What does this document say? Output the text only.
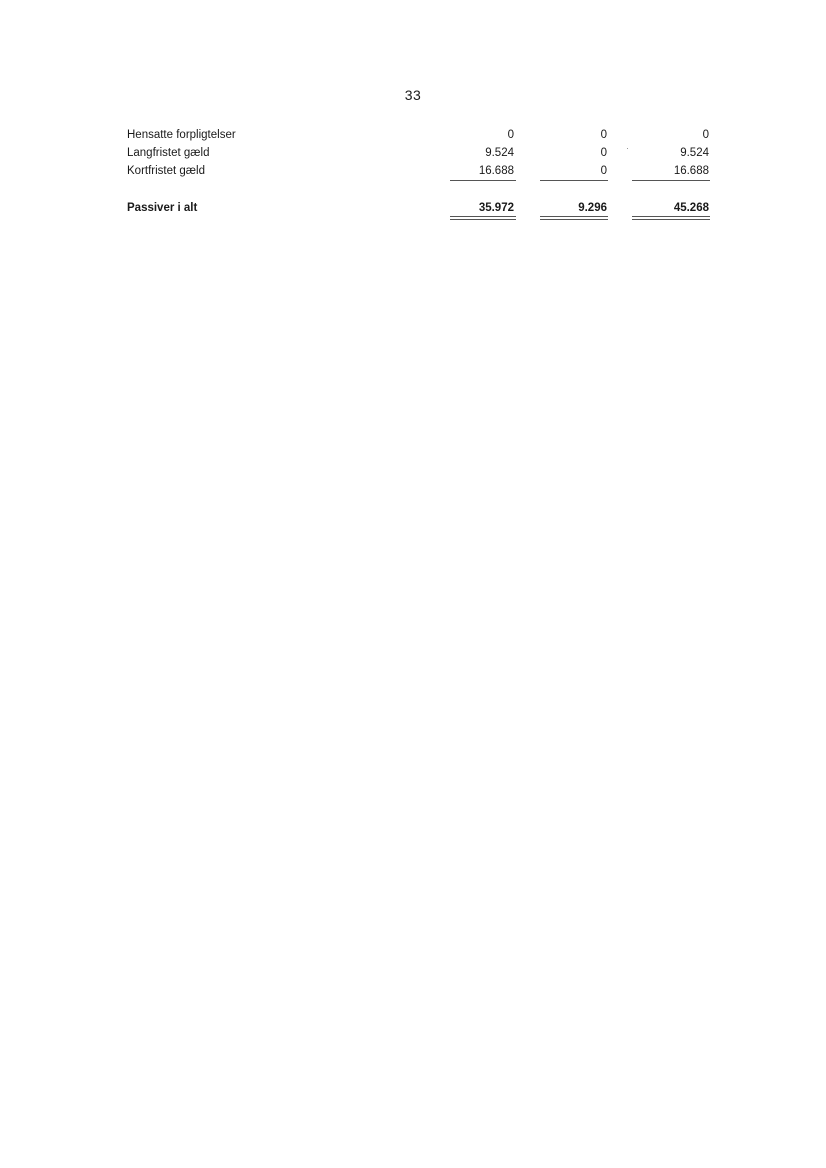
33
Hensatte forpligtelser	0	0	0
Langfristet gæld	9.524	0	9.524
Kortfristet gæld	16.688	0	16.688
Passiver i alt	35.972	9.296	45.268
